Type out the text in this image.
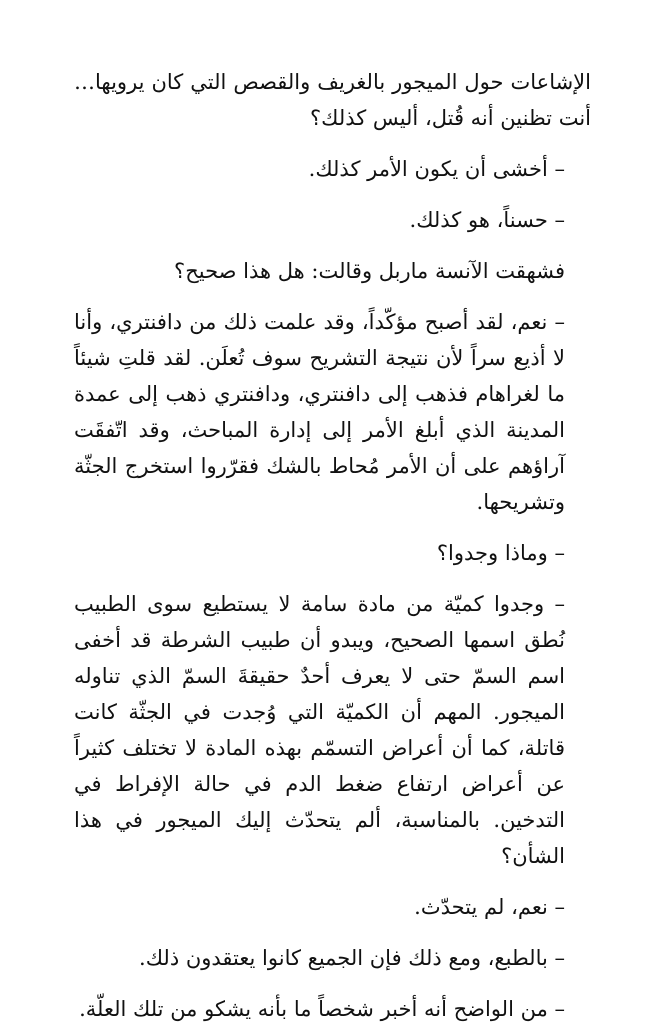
الإشاعات حول الميجور بالغريف والقصص التي كان يرويها… أنت تظنين أنه قُتل، أليس كذلك؟

– أخشى أن يكون الأمر كذلك.

– حسناً، هو كذلك.

فشهقت الآنسة ماربل وقالت: هل هذا صحيح؟

– نعم، لقد أصبح مؤكّداً، وقد علمت ذلك من دافنتري، وأنا لا أذيع سراً لأن نتيجة التشريح سوف تُعلَن. لقد قلتِ شيئاً ما لغراهام فذهب إلى دافنتري، ودافنتري ذهب إلى عمدة المدينة الذي أبلغ الأمر إلى إدارة المباحث، وقد اتّفقَت آراؤهم على أن الأمر مُحاط بالشك فقرّروا استخرج الجثّة وتشريحها.

– وماذا وجدوا؟

– وجدوا كميّة من مادة سامة لا يستطيع سوى الطبيب نُطق اسمها الصحيح، ويبدو أن طبيب الشرطة قد أخفى اسم السمّ حتى لا يعرف أحدٌ حقيقةَ السمّ الذي تناوله الميجور. المهم أن الكميّة التي وُجدت في الجثّة كانت قاتلة، كما أن أعراض التسمّم بهذه المادة لا تختلف كثيراً عن أعراض ارتفاع ضغط الدم في حالة الإفراط في التدخين. بالمناسبة، ألم يتحدّث إليك الميجور في هذا الشأن؟

– نعم، لم يتحدّث.

– بالطبع، ومع ذلك فإن الجميع كانوا يعتقدون ذلك.

– من الواضح أنه أخبر شخصاً ما بأنه يشكو من تلك العلّة.
